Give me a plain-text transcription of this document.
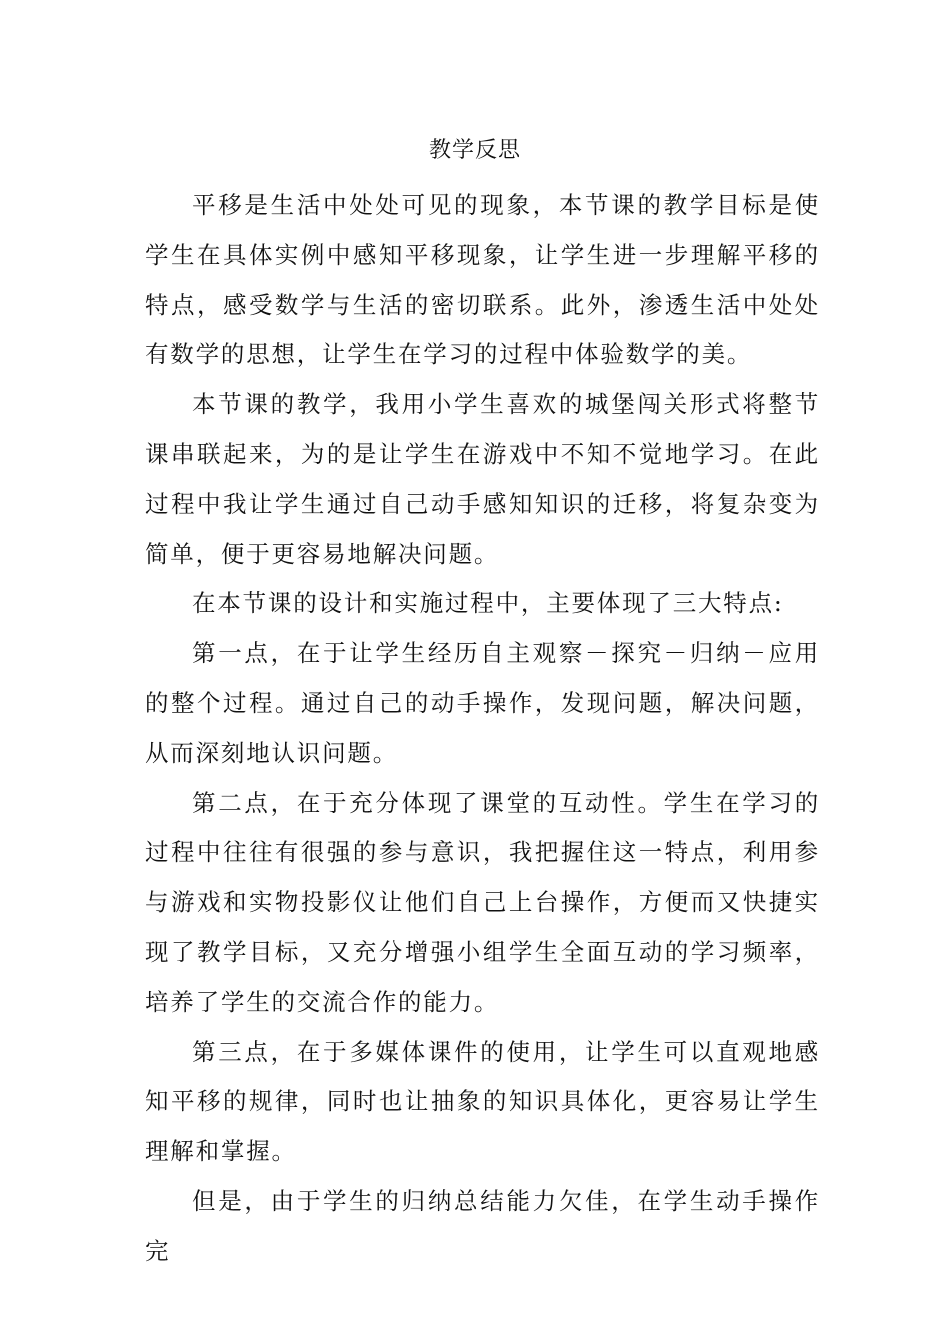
教学反思

平移是生活中处处可见的现象，本节课的教学目标是使学生在具体实例中感知平移现象，让学生进一步理解平移的特点，感受数学与生活的密切联系。此外，渗透生活中处处有数学的思想，让学生在学习的过程中体验数学的美。

本节课的教学，我用小学生喜欢的城堡闯关形式将整节课串联起来，为的是让学生在游戏中不知不觉地学习。在此过程中我让学生通过自己动手感知知识的迁移，将复杂变为简单，便于更容易地解决问题。

在本节课的设计和实施过程中，主要体现了三大特点:

第一点，在于让学生经历自主观察－探究－归纳－应用的整个过程。通过自己的动手操作，发现问题，解决问题，从而深刻地认识问题。

第二点，在于充分体现了课堂的互动性。学生在学习的过程中往往有很强的参与意识，我把握住这一特点，利用参与游戏和实物投影仪让他们自己上台操作，方便而又快捷实现了教学目标，又充分增强小组学生全面互动的学习频率，培养了学生的交流合作的能力。

第三点，在于多媒体课件的使用，让学生可以直观地感知平移的规律，同时也让抽象的知识具体化，更容易让学生理解和掌握。

但是，由于学生的归纳总结能力欠佳，在学生动手操作完
